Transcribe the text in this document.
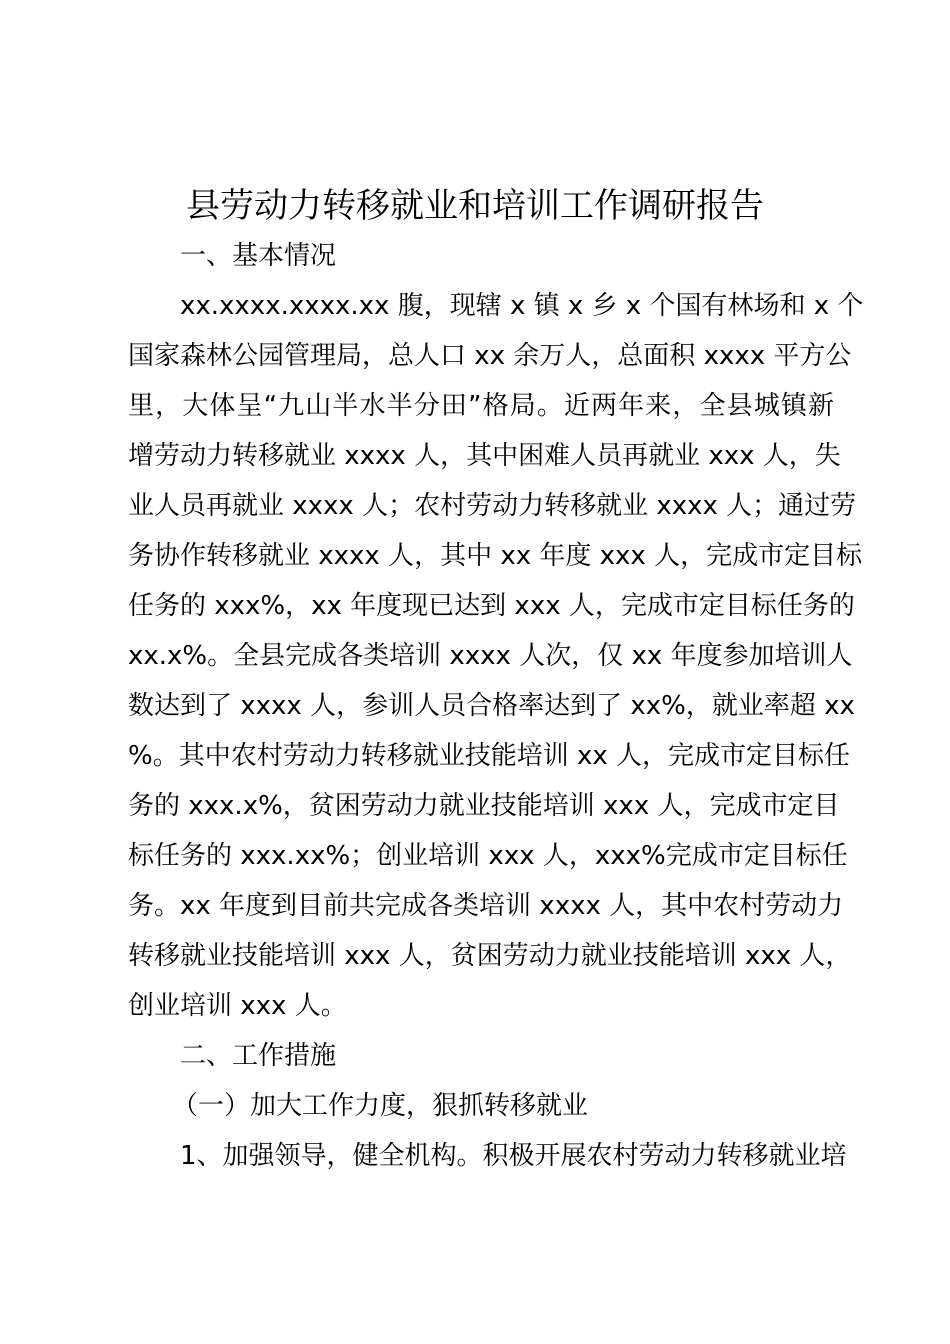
县劳动力转移就业和培训工作调研报告

一、基本情况

xx.xxxx.xxxx.xx 腹，现辖 x 镇 x 乡 x 个国有林场和 x 个

国家森林公园管理局，总人口 xx 余万人，总面积 xxxx 平方公

里，大体呈“九山半水半分田”格局。近两年来，全县城镇新

增劳动力转移就业 xxxx 人，其中困难人员再就业 xxx 人，失

业人员再就业 xxxx 人；农村劳动力转移就业 xxxx 人；通过劳

务协作转移就业 xxxx 人，其中 xx 年度 xxx 人，完成市定目标

任务的 xxx%，xx 年度现已达到 xxx 人，完成市定目标任务的

xx.x%。全县完成各类培训 xxxx 人次，仅 xx 年度参加培训人

数达到了 xxxx 人，参训人员合格率达到了 xx%，就业率超 xx

%。其中农村劳动力转移就业技能培训 xx 人，完成市定目标任

务的 xxx.x%，贫困劳动力就业技能培训 xxx 人，完成市定目

标任务的 xxx.xx%；创业培训 xxx 人，xxx%完成市定目标任

务。xx 年度到目前共完成各类培训 xxxx 人，其中农村劳动力

转移就业技能培训 xxx 人，贫困劳动力就业技能培训 xxx 人，

创业培训 xxx 人。

二、工作措施

（一）加大工作力度，狠抓转移就业

1、加强领导，健全机构。积极开展农村劳动力转移就业培
